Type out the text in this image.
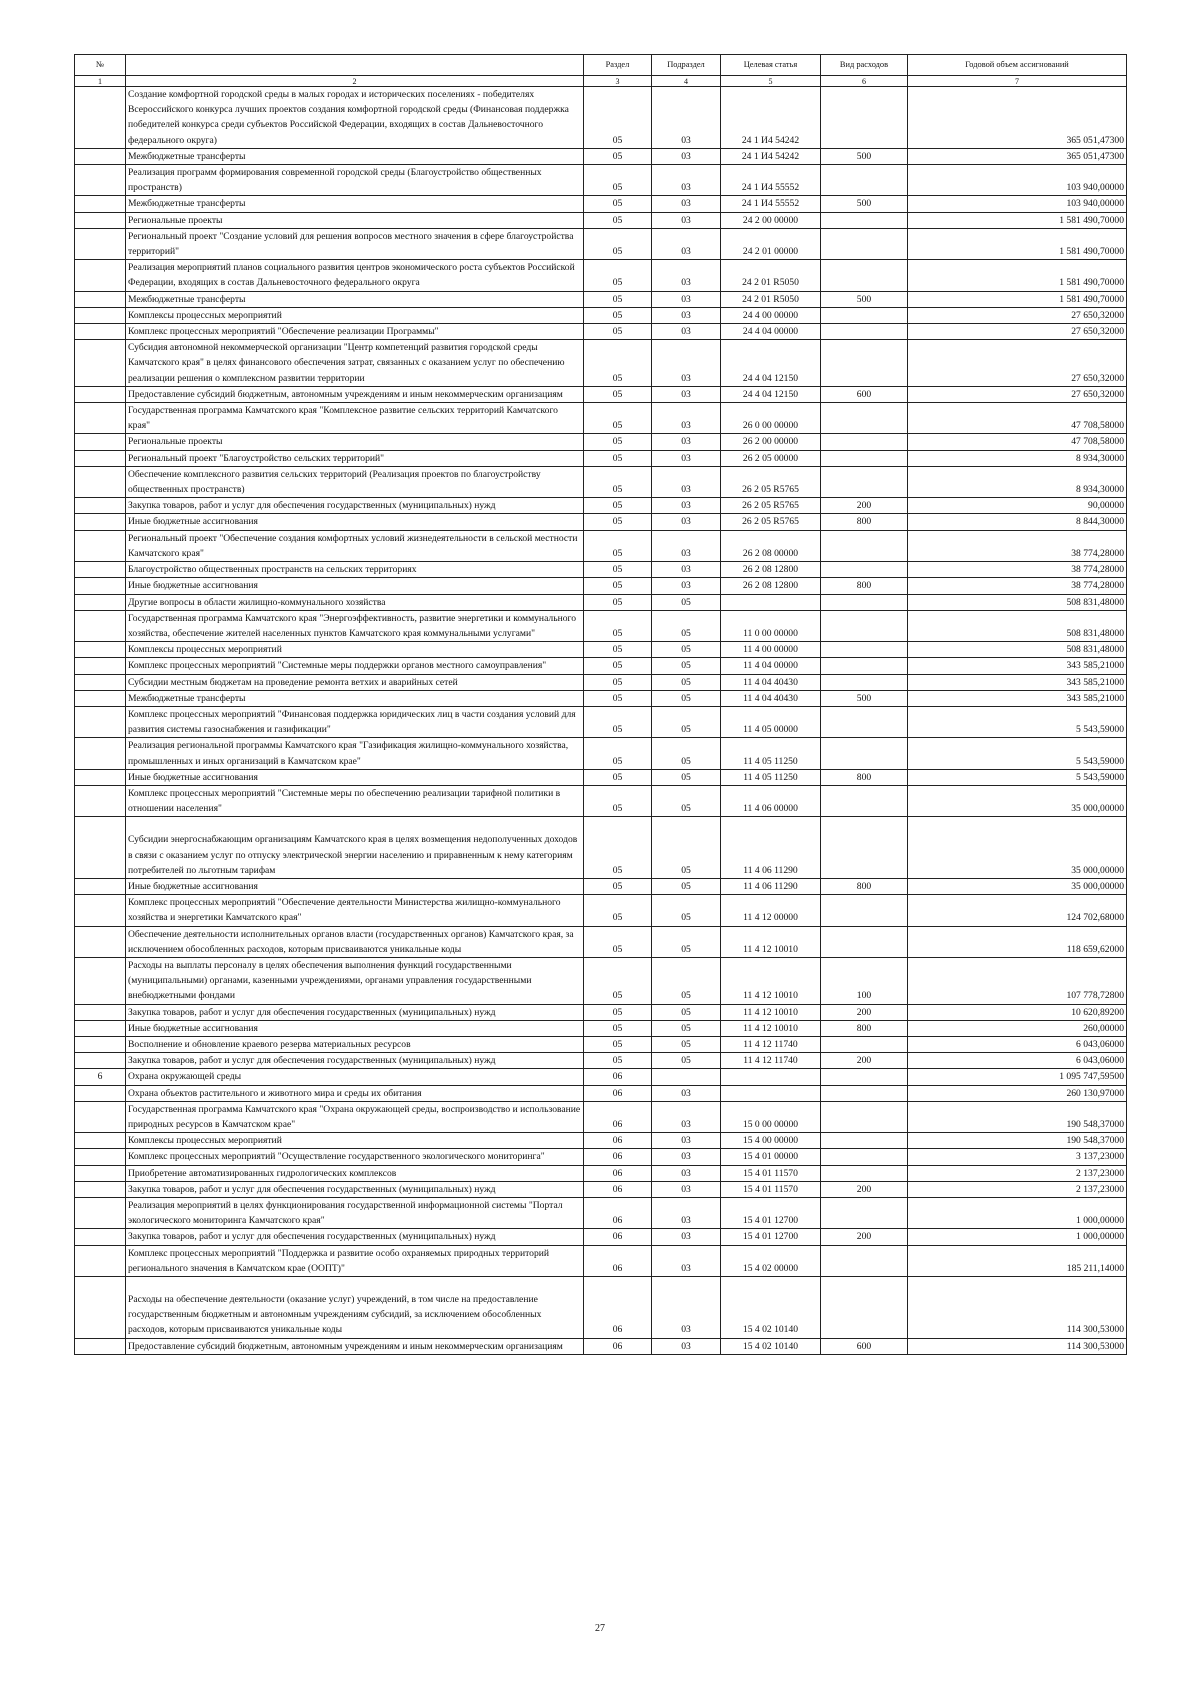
№		Раздел	Подраздел	Целевая статья	Вид расходов	Годовой объем ассигнований
1	2	3	4	5	6	7
	Создание комфортной городской среды в малых городах и исторических поселениях - победителях Всероссийского конкурса лучших проектов создания комфортной городской среды (Финансовая поддержка победителей конкурса среди субъектов Российской Федерации, входящих в состав Дальневосточного федерального округа)	05	03	24 1 И4 54242		365 051,47300
	Межбюджетные трансферты	05	03	24 1 И4 54242	500	365 051,47300
	Реализация программ формирования современной городской среды (Благоустройство общественных пространств)	05	03	24 1 И4 55552		103 940,00000
	Межбюджетные трансферты	05	03	24 1 И4 55552	500	103 940,00000
	Региональные проекты	05	03	24 2 00 00000		1 581 490,70000
	Региональный проект "Создание условий для решения вопросов местного значения в сфере благоустройства территорий"	05	03	24 2 01 00000		1 581 490,70000
	Реализация мероприятий планов социального развития центров экономического роста субъектов Российской Федерации, входящих в состав Дальневосточного федерального округа	05	03	24 2 01 R5050		1 581 490,70000
	Межбюджетные трансферты	05	03	24 2 01 R5050	500	1 581 490,70000
	Комплексы процессных мероприятий	05	03	24 4 00 00000		27 650,32000
	Комплекс процессных мероприятий "Обеспечение реализации Программы"	05	03	24 4 04 00000		27 650,32000
	Субсидия автономной некоммерческой организации "Центр компетенций развития городской среды Камчатского края" в целях финансового обеспечения затрат, связанных с оказанием услуг по обеспечению реализации решения о комплексном развитии территории	05	03	24 4 04 12150		27 650,32000
	Предоставление субсидий бюджетным, автономным учреждениям и иным некоммерческим организациям	05	03	24 4 04 12150	600	27 650,32000
	Государственная программа Камчатского края "Комплексное развитие сельских территорий Камчатского края"	05	03	26 0 00 00000		47 708,58000
	Региональные проекты	05	03	26 2 00 00000		47 708,58000
	Региональный проект "Благоустройство сельских территорий"	05	03	26 2 05 00000		8 934,30000
	Обеспечение комплексного развития сельских территорий (Реализация проектов по благоустройству общественных пространств)	05	03	26 2 05 R5765		8 934,30000
	Закупка товаров, работ и услуг для обеспечения государственных (муниципальных) нужд	05	03	26 2 05 R5765	200	90,00000
	Иные бюджетные ассигнования	05	03	26 2 05 R5765	800	8 844,30000
	Региональный проект "Обеспечение создания комфортных условий жизнедеятельности в сельской местности Камчатского края"	05	03	26 2 08 00000		38 774,28000
	Благоустройство общественных пространств на сельских территориях	05	03	26 2 08 12800		38 774,28000
	Иные бюджетные ассигнования	05	03	26 2 08 12800	800	38 774,28000
	Другие вопросы в области жилищно-коммунального хозяйства	05	05			508 831,48000
	Государственная программа Камчатского края "Энергоэффективность, развитие энергетики и коммунального хозяйства, обеспечение жителей населенных пунктов Камчатского края коммунальными услугами"	05	05	11 0 00 00000		508 831,48000
	Комплексы процессных мероприятий	05	05	11 4 00 00000		508 831,48000
	Комплекс процессных мероприятий "Системные меры поддержки органов местного самоуправления"	05	05	11 4 04 00000		343 585,21000
	Субсидии местным бюджетам на проведение ремонта ветхих и аварийных сетей	05	05	11 4 04 40430		343 585,21000
	Межбюджетные трансферты	05	05	11 4 04 40430	500	343 585,21000
	Комплекс процессных мероприятий "Финансовая поддержка юридических лиц в части создания условий для развития системы газоснабжения и газификации"	05	05	11 4 05 00000		5 543,59000
	Реализация региональной программы Камчатского края "Газификация жилищно-коммунального хозяйства, промышленных и иных организаций в Камчатском крае"	05	05	11 4 05 11250		5 543,59000
	Иные бюджетные ассигнования	05	05	11 4 05 11250	800	5 543,59000
	Комплекс процессных мероприятий "Системные меры по обеспечению реализации тарифной политики в отношении населения"	05	05	11 4 06 00000		35 000,00000
	Субсидии энергоснабжающим организациям Камчатского края в целях возмещения недополученных доходов в связи с оказанием услуг по отпуску электрической энергии населению и приравненным к нему категориям потребителей по льготным тарифам	05	05	11 4 06 11290		35 000,00000
	Иные бюджетные ассигнования	05	05	11 4 06 11290	800	35 000,00000
	Комплекс процессных мероприятий "Обеспечение деятельности Министерства жилищно-коммунального хозяйства и энергетики Камчатского края"	05	05	11 4 12 00000		124 702,68000
	Обеспечение деятельности исполнительных органов власти (государственных органов) Камчатского края, за исключением обособленных расходов, которым присваиваются уникальные коды	05	05	11 4 12 10010		118 659,62000
	Расходы на выплаты персоналу в целях обеспечения выполнения функций государственными (муниципальными) органами, казенными учреждениями, органами управления государственными внебюджетными фондами	05	05	11 4 12 10010	100	107 778,72800
	Закупка товаров, работ и услуг для обеспечения государственных (муниципальных) нужд	05	05	11 4 12 10010	200	10 620,89200
	Иные бюджетные ассигнования	05	05	11 4 12 10010	800	260,00000
	Восполнение и обновление краевого резерва материальных ресурсов	05	05	11 4 12 11740		6 043,06000
	Закупка товаров, работ и услуг для обеспечения государственных (муниципальных) нужд	05	05	11 4 12 11740	200	6 043,06000
6	Охрана окружающей среды	06				1 095 747,59500
	Охрана объектов растительного и животного мира и среды их обитания	06	03			260 130,97000
	Государственная программа Камчатского края "Охрана окружающей среды, воспроизводство и использование природных ресурсов в Камчатском крае"	06	03	15 0 00 00000		190 548,37000
	Комплексы процессных мероприятий	06	03	15 4 00 00000		190 548,37000
	Комплекс процессных мероприятий "Осуществление государственного экологического мониторинга"	06	03	15 4 01 00000		3 137,23000
	Приобретение автоматизированных гидрологических комплексов	06	03	15 4 01 11570		2 137,23000
	Закупка товаров, работ и услуг для обеспечения государственных (муниципальных) нужд	06	03	15 4 01 11570	200	2 137,23000
	Реализация мероприятий в целях функционирования государственной информационной системы "Портал экологического мониторинга Камчатского края"	06	03	15 4 01 12700		1 000,00000
	Закупка товаров, работ и услуг для обеспечения государственных (муниципальных) нужд	06	03	15 4 01 12700	200	1 000,00000
	Комплекс процессных мероприятий "Поддержка и развитие особо охраняемых природных территорий регионального значения в Камчатском крае (ООПТ)"	06	03	15 4 02 00000		185 211,14000
	Расходы на обеспечение деятельности (оказание услуг) учреждений, в том числе на предоставление государственным бюджетным и автономным учреждениям субсидий, за исключением обособленных расходов, которым присваиваются уникальные коды	06	03	15 4 02 10140		114 300,53000
	Предоставление субсидий бюджетным, автономным учреждениям и иным некоммерческим организациям	06	03	15 4 02 10140	600	114 300,53000
27
